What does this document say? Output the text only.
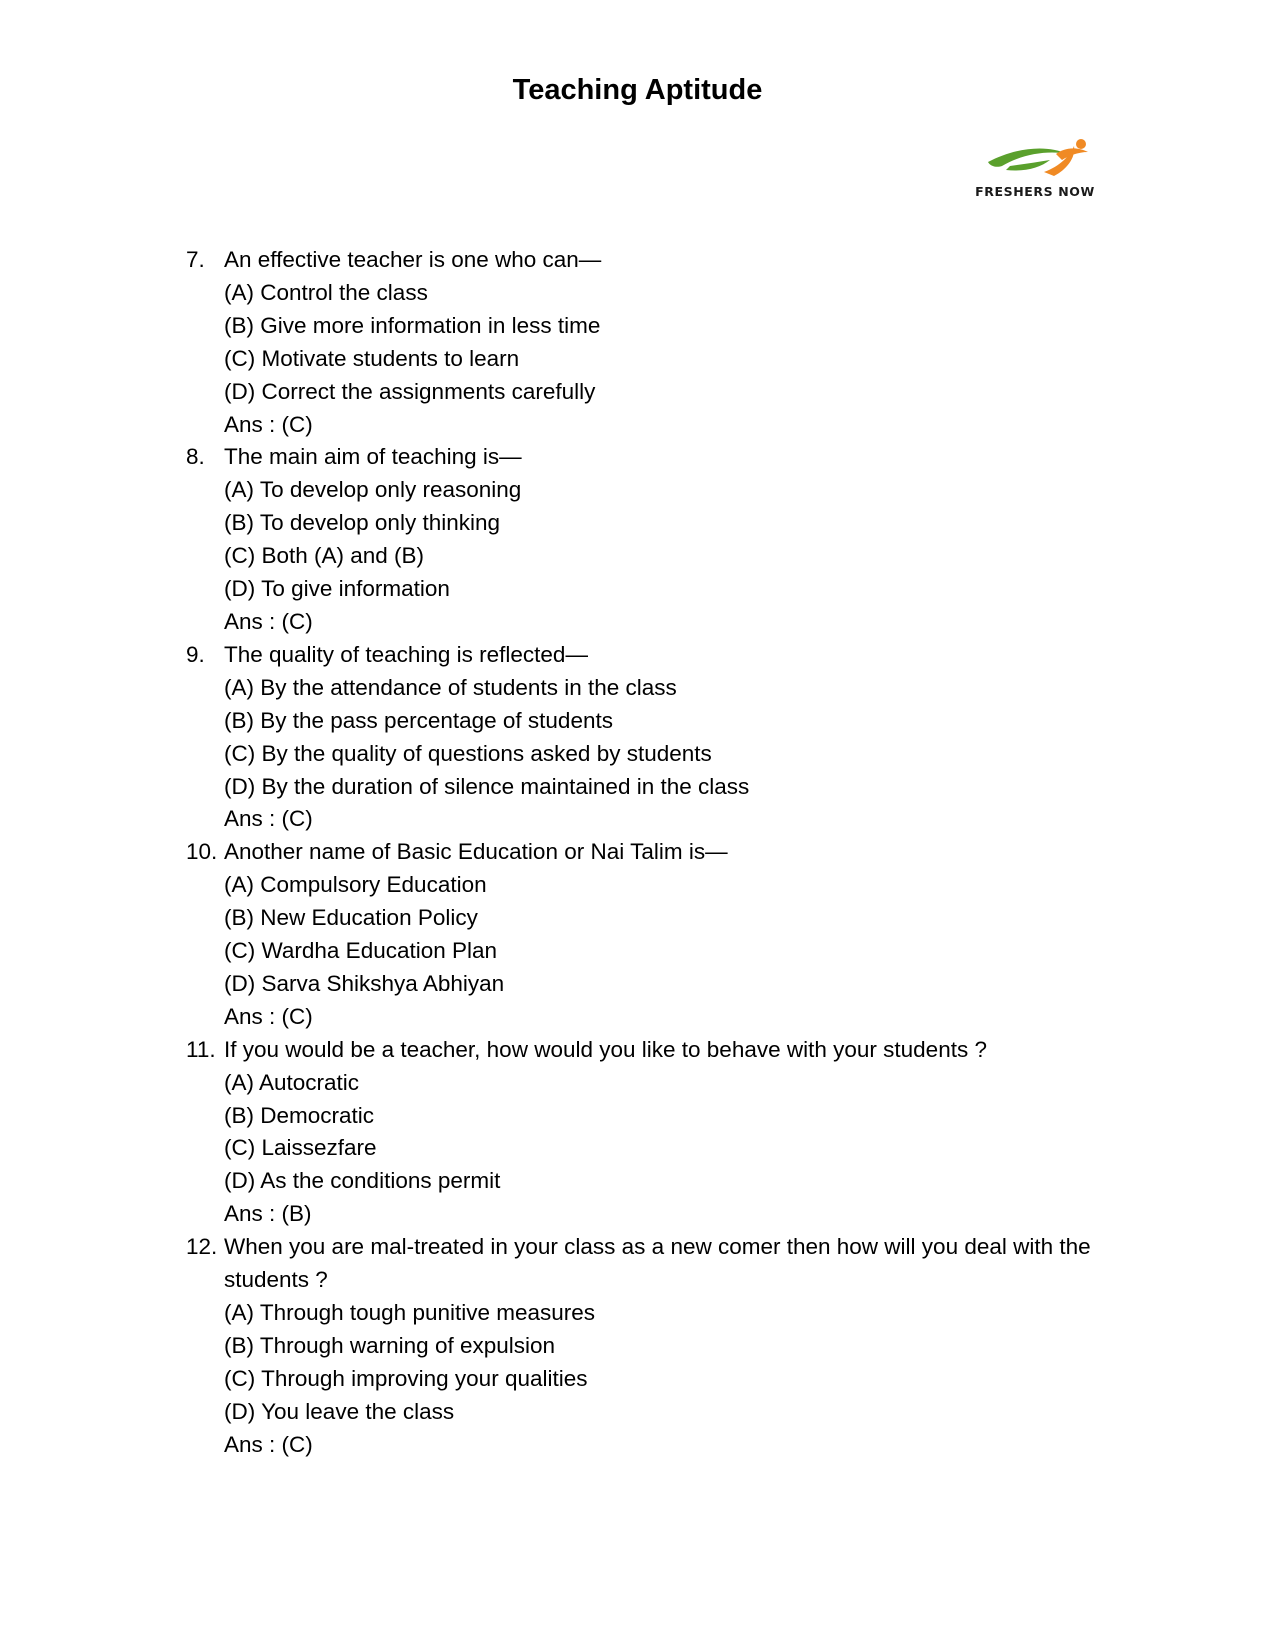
Teaching Aptitude
FRESHERS NOW
7. An effective teacher is one who can—
(A) Control the class
(B) Give more information in less time
(C) Motivate students to learn
(D) Correct the assignments carefully
Ans : (C)
8. The main aim of teaching is—
(A) To develop only reasoning
(B) To develop only thinking
(C) Both (A) and (B)
(D) To give information
Ans : (C)
9. The quality of teaching is reflected—
(A) By the attendance of students in the class
(B) By the pass percentage of students
(C) By the quality of questions asked by students
(D) By the duration of silence maintained in the class
Ans : (C)
10. Another name of Basic Education or Nai Talim is—
(A) Compulsory Education
(B) New Education Policy
(C) Wardha Education Plan
(D) Sarva Shikshya Abhiyan
Ans : (C)
11. If you would be a teacher, how would you like to behave with your students ?
(A) Autocratic
(B) Democratic
(C) Laissezfare
(D) As the conditions permit
Ans : (B)
12. When you are mal-treated in your class as a new comer then how will you deal with the students ?
(A) Through tough punitive measures
(B) Through warning of expulsion
(C) Through improving your qualities
(D) You leave the class
Ans : (C)
